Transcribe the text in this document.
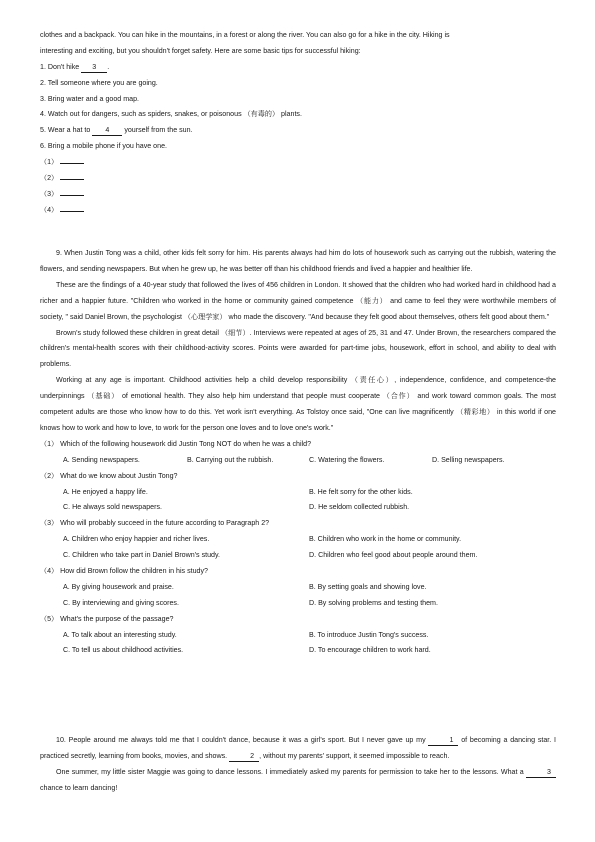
clothes and a backpack. You can hike in the mountains, in a forest or along the river. You can also go for a hike in the city. Hiking is
interesting and exciting, but you shouldn't forget safety. Here are some basic tips for successful hiking:
1. Don't hike 3 .
2. Tell someone where you are going.
3. Bring water and a good map.
4. Watch out for dangers, such as spiders, snakes, or poisonous （有毒的） plants.
5. Wear a hat to 4 yourself from the sun.
6. Bring a mobile phone if you have one.
（1）
（2）
（3）
（4）
9. When Justin Tong was a child, other kids felt sorry for him. His parents always had him do lots of housework such as carrying out the rubbish, watering the flowers, and sending newspapers. But when he grew up, he was better off than his childhood friends and lived a happier and healthier life.
These are the findings of a 40-year study that followed the lives of 456 children in London. It showed that the children who had worked hard in childhood had a richer and a happier future. "Children who worked in the home or community gained competence （能力） and came to feel they were worthwhile members of society, " said Daniel Brown, the psychologist （心理学家） who made the discovery. "And because they felt good about themselves, others felt good about them."
Brown's study followed these children in great detail （细节）. Interviews were repeated at ages of 25, 31 and 47. Under Brown, the researchers compared the children's mental-health scores with their childhood-activity scores. Points were awarded for part-time jobs, housework, effort in school, and ability to deal with problems.
Working at any age is important. Childhood activities help a child develop responsibility （责任心）, independence, confidence, and competence-the underpinnings （基础） of emotional health. They also help him understand that people must cooperate （合作） and work toward common goals. The most competent adults are those who know how to do this. Yet work isn't everything. As Tolstoy once said, "One can live magnificently （精彩地） in this world if one knows how to work and how to love, to work for the person one loves and to love one's work."
（1） Which of the following housework did Justin Tong NOT do when he was a child?
A. Sending newspapers.	B. Carrying out the rubbish.	C. Watering the flowers.	D. Selling newspapers.
（2） What do we know about Justin Tong?
A. He enjoyed a happy life.	B. He felt sorry for the other kids.
C. He always sold newspapers.	D. He seldom collected rubbish.
（3） Who will probably succeed in the future according to Paragraph 2?
A. Children who enjoy happier and richer lives.	B. Children who work in the home or community.
C. Children who take part in Daniel Brown's study.	D. Children who feel good about people around them.
（4） How did Brown follow the children in his study?
A. By giving housework and praise.	B. By setting goals and showing love.
C. By interviewing and giving scores.	D. By solving problems and testing them.
（5） What's the purpose of the passage?
A. To talk about an interesting study.	B. To introduce Justin Tong's success.
C. To tell us about childhood activities.	D. To encourage children to work hard.
10. People around me always told me that I couldn't dance, because it was a girl's sport. But I never gave up my	1 of becoming a dancing star. I practiced secretly, learning from books, movies, and shows.	2 , without my parents' support, it seemed impossible to reach.
One summer, my little sister Maggie was going to dance lessons. I immediately asked my parents for permission to take her to the lessons. What a	3 chance to learn dancing!
